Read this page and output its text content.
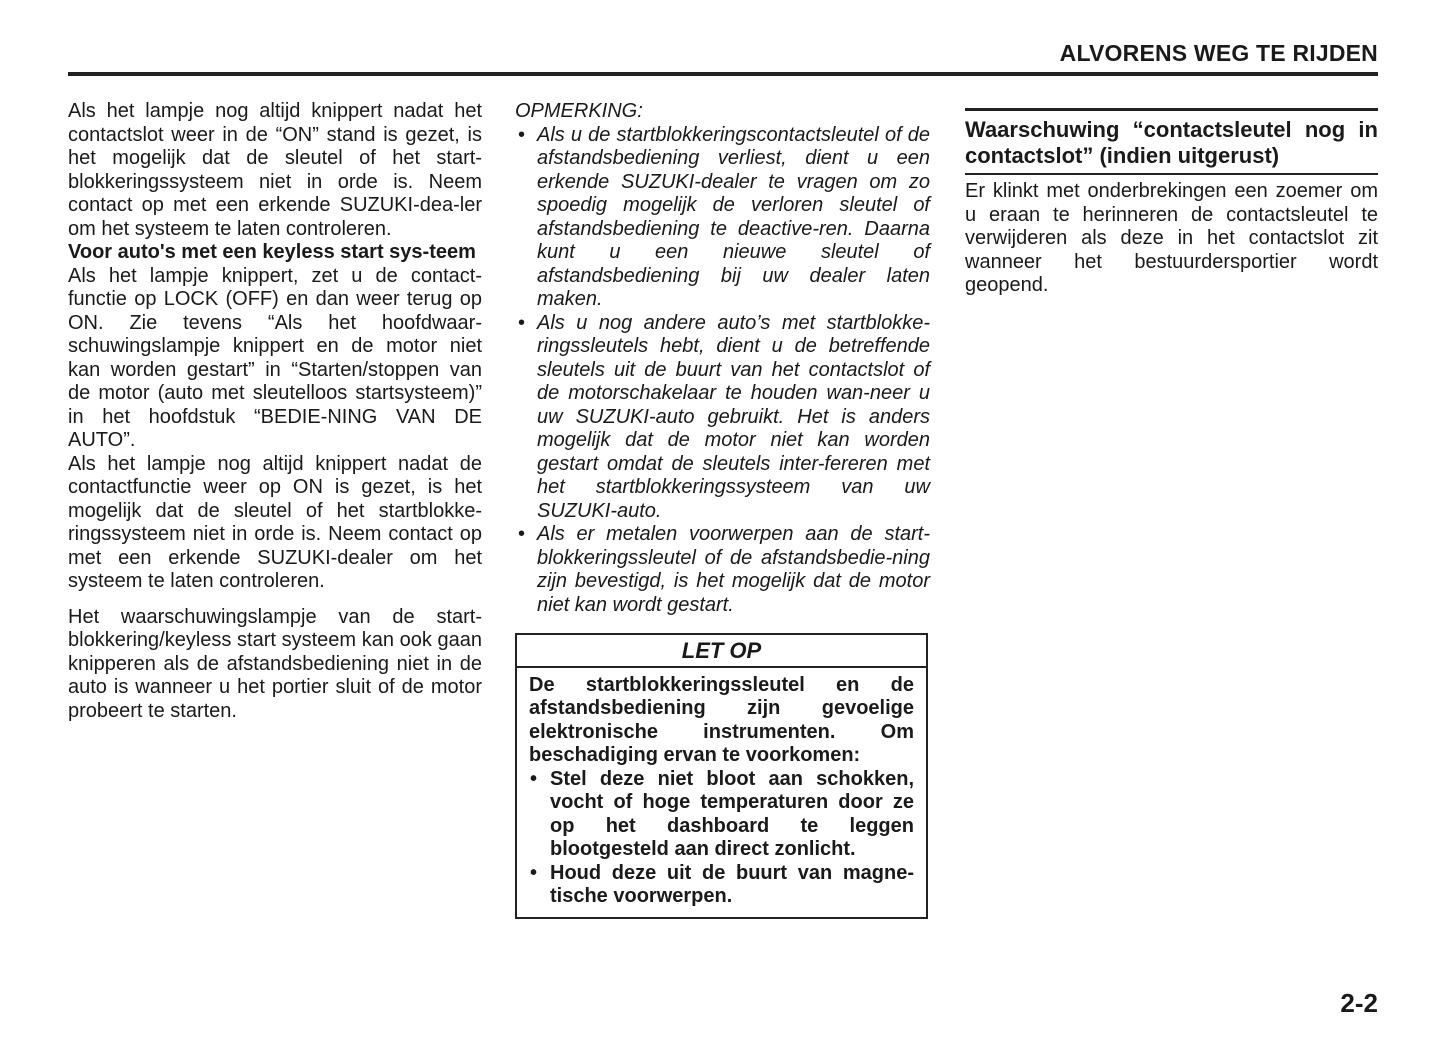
ALVORENS WEG TE RIJDEN

Als het lampje nog altijd knippert nadat het contactslot weer in de “ON” stand is gezet, is het mogelijk dat de sleutel of het start-blokkeringssysteem niet in orde is. Neem contact op met een erkende SUZUKI-dea-ler om het systeem te laten controleren.

Voor auto's met een keyless start sys-teem

Als het lampje knippert, zet u de contact-functie op LOCK (OFF) en dan weer terug op ON. Zie tevens “Als het hoofdwaar-schuwingslampje knippert en de motor niet kan worden gestart” in “Starten/stoppen van de motor (auto met sleutelloos startsysteem)” in het hoofdstuk “BEDIE-NING VAN DE AUTO”.

Als het lampje nog altijd knippert nadat de contactfunctie weer op ON is gezet, is het mogelijk dat de sleutel of het startblokke-ringssysteem niet in orde is. Neem contact op met een erkende SUZUKI-dealer om het systeem te laten controleren.

Het waarschuwingslampje van de start-blokkering/keyless start systeem kan ook gaan knipperen als de afstandsbediening niet in de auto is wanneer u het portier sluit of de motor probeert te starten.

OPMERKING:

• Als u de startblokkeringscontactsleutel of de afstandsbediening verliest, dient u een erkende SUZUKI-dealer te vragen om zo spoedig mogelijk de verloren sleutel of afstandsbediening te deactive-ren. Daarna kunt u een nieuwe sleutel of afstandsbediening bij uw dealer laten maken.
• Als u nog andere auto’s met startblokke-ringssleutels hebt, dient u de betreffende sleutels uit de buurt van het contactslot of de motorschakelaar te houden wan-neer u uw SUZUKI-auto gebruikt. Het is anders mogelijk dat de motor niet kan worden gestart omdat de sleutels inter-fereren met het startblokkeringssysteem van uw SUZUKI-auto.
• Als er metalen voorwerpen aan de start-blokkeringssleutel of de afstandsbedie-ning zijn bevestigd, is het mogelijk dat de motor niet kan wordt gestart.
LET OP

De startblokkeringssleutel en de afstandsbediening zijn gevoelige elektronische instrumenten. Om beschadiging ervan te voorkomen:

• Stel deze niet bloot aan schokken, vocht of hoge temperaturen door ze op het dashboard te leggen blootgesteld aan direct zonlicht.
• Houd deze uit de buurt van magne-tische voorwerpen.

Waarschuwing “contactsleutel nog in contactslot” (indien uitgerust)

Er klinkt met onderbrekingen een zoemer om u eraan te herinneren de contactsleutel te verwijderen als deze in het contactslot zit wanneer het bestuurdersportier wordt geopend.

2-2
